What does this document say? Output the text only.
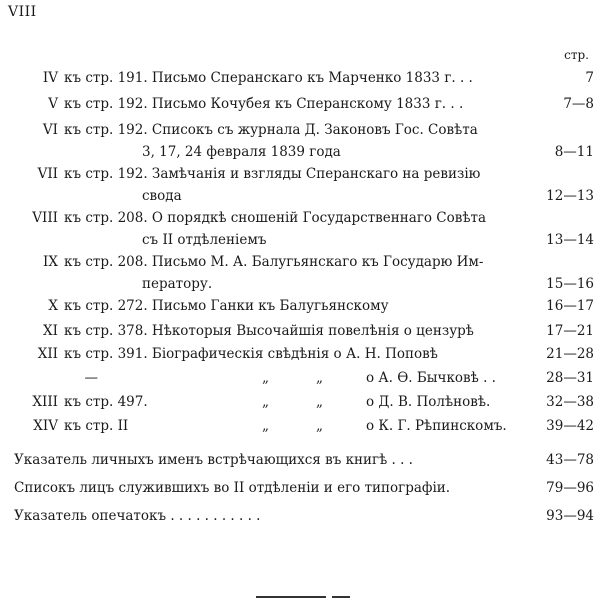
VIII
стр.
IV къ стр. 191. Письмо Сперанскаго къ Марченко 1833 г. . .	7
V къ стр. 192. Письмо Кочубея къ Сперанскому 1833 г. . .	7—8
VI къ стр. 192. Списокъ съ журнала Д. Законовъ Гос. Совѣта
3, 17, 24 февраля 1839 года	8—11
VII къ стр. 192. Замѣчанія и взгляды Сперанскаго на ревизію
свода	12—13
VIII къ стр. 208. О порядкѣ сношеній Государственнаго Совѣта
съ II отдѣленіемъ	13—14
IX къ стр. 208. Письмо М. А. Балугьянскаго къ Государю Им-
ператору.	15—16
X къ стр. 272. Письмо Ганки къ Балугьянскому	16—17
XI къ стр. 378. Нѣкоторыя Высочайшія повелѣнія о цензурѣ	17—21
XII къ стр. 391. Біографическія свѣдѣнія о А. Н. Поповѣ	21—28
—	„	„	о А. Ѳ. Бычковѣ . .	28—31
XIII къ стр. 497.	„	„	о Д. В. Полѣновѣ.	32—38
XIV къ стр. II	„	„	о К. Г. Рѣпинскомъ.	39—42
Указатель личныхъ именъ встрѣчающихся въ книгѣ . . .	43—78
Списокъ лицъ служившихъ во II отдѣленіи и его типографіи.	79—96
Указатель опечатокъ . . . . . . . . . . .	93—94
